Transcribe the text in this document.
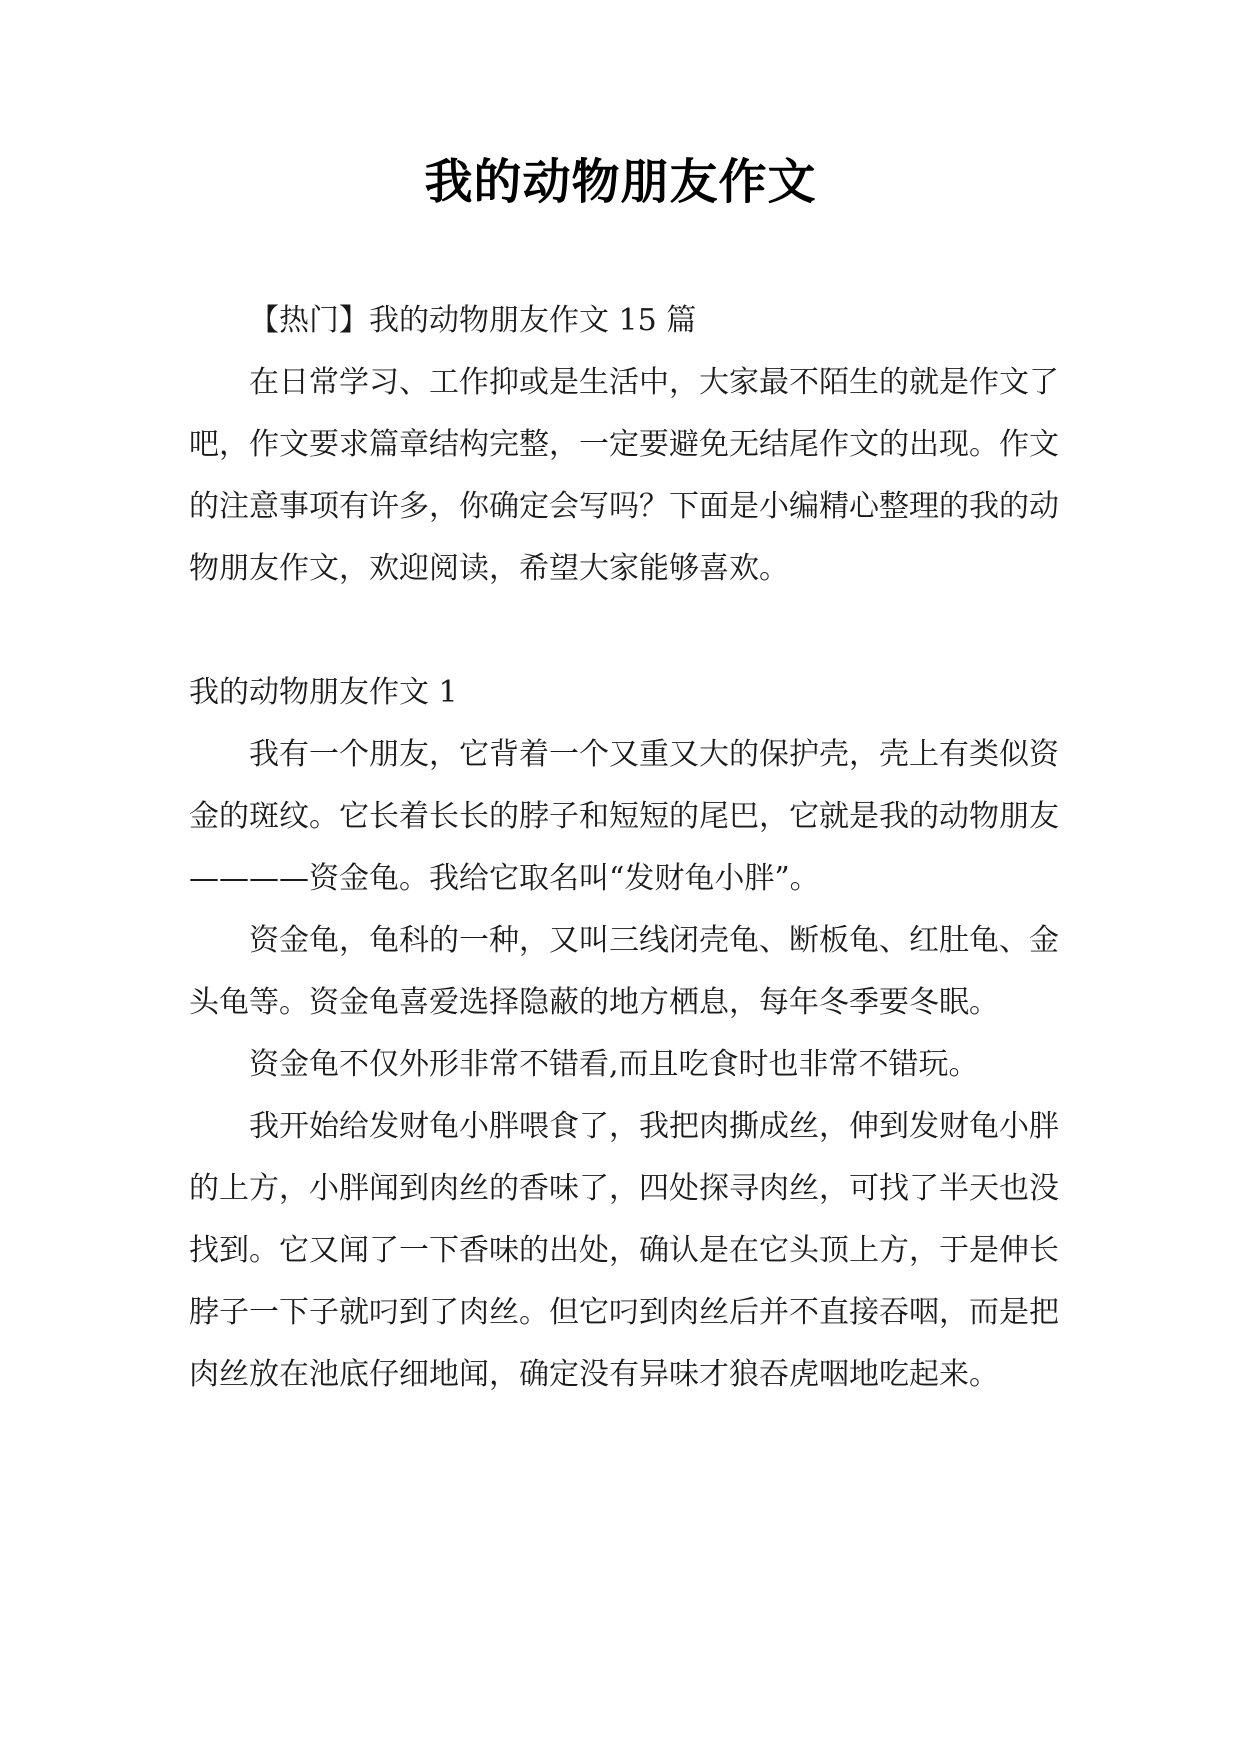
我的动物朋友作文

【热门】我的动物朋友作文 15 篇

在日常学习、工作抑或是生活中，大家最不陌生的就是作文了吧，作文要求篇章结构完整，一定要避免无结尾作文的出现。作文的注意事项有许多，你确定会写吗？下面是小编精心整理的我的动物朋友作文，欢迎阅读，希望大家能够喜欢。

我的动物朋友作文 1

我有一个朋友，它背着一个又重又大的保护壳，壳上有类似资金的斑纹。它长着长长的脖子和短短的尾巴，它就是我的动物朋友————资金龟。我给它取名叫“发财龟小胖”。

资金龟，龟科的一种，又叫三线闭壳龟、断板龟、红肚龟、金头龟等。资金龟喜爱选择隐蔽的地方栖息，每年冬季要冬眠。

资金龟不仅外形非常不错看,而且吃食时也非常不错玩。

我开始给发财龟小胖喂食了，我把肉撕成丝，伸到发财龟小胖的上方，小胖闻到肉丝的香味了，四处探寻肉丝，可找了半天也没找到。它又闻了一下香味的出处，确认是在它头顶上方，于是伸长脖子一下子就叼到了肉丝。但它叼到肉丝后并不直接吞咽，而是把肉丝放在池底仔细地闻，确定没有异味才狼吞虎咽地吃起来。
